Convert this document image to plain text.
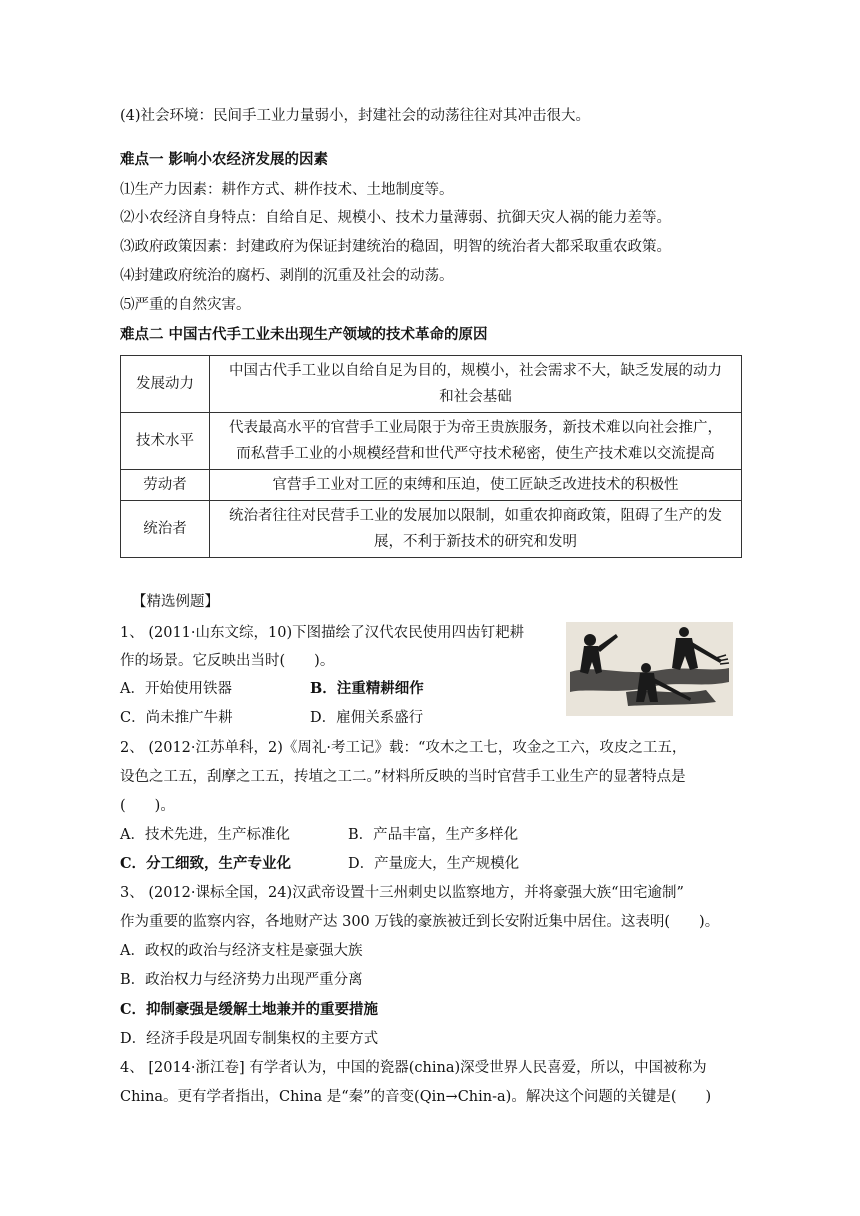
(4)社会环境：民间手工业力量弱小，封建社会的动荡往往对其冲击很大。
难点一 影响小农经济发展的因素
⑴生产力因素：耕作方式、耕作技术、土地制度等。
⑵小农经济自身特点：自给自足、规模小、技术力量薄弱、抗御天灾人祸的能力差等。
⑶政府政策因素：封建政府为保证封建统治的稳固，明智的统治者大都采取重农政策。
⑷封建政府统治的腐朽、剥削的沉重及社会的动荡。
⑸严重的自然灾害。
难点二 中国古代手工业未出现生产领域的技术革命的原因
发展动力	中国古代手工业以自给自足为目的，规模小，社会需求不大，缺乏发展的动力
和社会基础

技术水平	代表最高水平的官营手工业局限于为帝王贵族服务，新技术难以向社会推广，
而私营手工业的小规模经营和世代严守技术秘密，使生产技术难以交流提高

劳动者	官营手工业对工匠的束缚和压迫，使工匠缺乏改进技术的积极性

统治者	统治者往往对民营手工业的发展加以限制，如重农抑商政策，阻碍了生产的发
展，不利于新技术的研究和发明
【精选例题】
1、 (2011·山东文综，10)下图描绘了汉代农民使用四齿钉耙耕
作的场景。它反映出当时(　　)。
A．开始使用铁器	B．注重精耕细作
C．尚未推广牛耕	D．雇佣关系盛行
2、 (2012·江苏单科，2)《周礼·考工记》载：“攻木之工七，攻金之工六，攻皮之工五，
设色之工五，刮摩之工五，抟埴之工二。”材料所反映的当时官营手工业生产的显著特点是
(　　)。
A．技术先进，生产标准化	B．产品丰富，生产多样化
C．分工细致，生产专业化	D．产量庞大，生产规模化
3、 (2012·课标全国，24)汉武帝设置十三州刺史以监察地方，并将豪强大族“田宅逾制”
作为重要的监察内容，各地财产达 300 万钱的豪族被迁到长安附近集中居住。这表明(　　)。
A．政权的政治与经济支柱是豪强大族
B．政治权力与经济势力出现严重分离
C．抑制豪强是缓解土地兼并的重要措施
D．经济手段是巩固专制集权的主要方式
4、 [2014·浙江卷] 有学者认为，中国的瓷器(china)深受世界人民喜爱，所以，中国被称为
China。更有学者指出，China 是“秦”的音变(Qin→Chin-a)。解决这个问题的关键是(　　)
